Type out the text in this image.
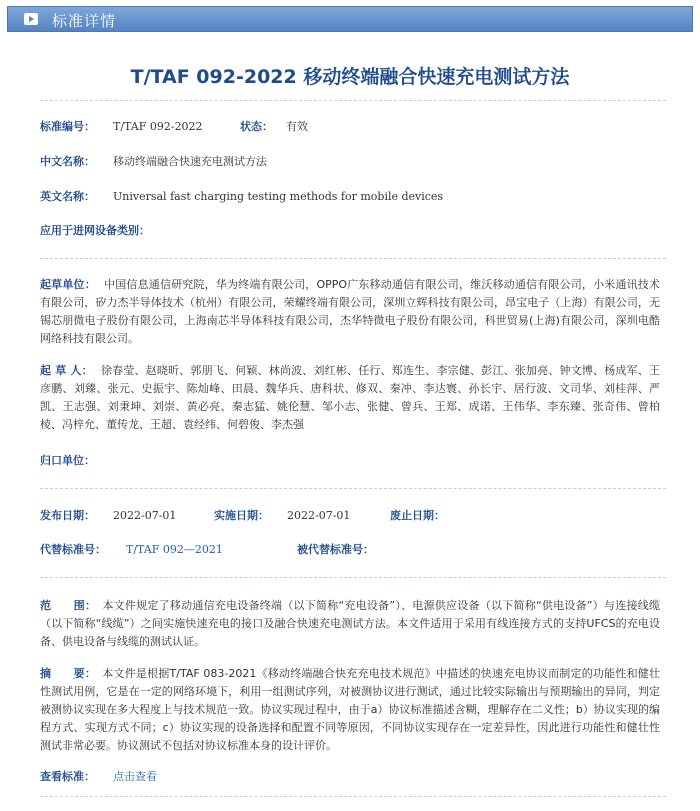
标准详情
T/TAF 092-2022 移动终端融合快速充电测试方法
标准编号： T/TAF 092-2022	状态： 有效
中文名称： 移动终端融合快速充电测试方法
英文名称： Universal fast charging testing methods for mobile devices
应用于进网设备类别：
起草单位： 中国信息通信研究院，华为终端有限公司，OPPO广东移动通信有限公司，维沃移动通信有限公司，小米通讯技术有限公司，矽力杰半导体技术（杭州）有限公司，荣耀终端有限公司，深圳立辉科技有限公司，昂宝电子（上海）有限公司，无锡芯朋微电子股份有限公司，上海南芯半导体科技有限公司，杰华特微电子股份有限公司，科世贸易(上海)有限公司，深圳电酷网络科技有限公司。
起 草 人： 徐春莹、赵晓昕、郭朋飞、何颖、林尚波、刘红彬、任行、郑连生、李宗健、彭江、张加亮、钟文博、杨成军、王彦鹏、刘臻、张元、史振宇、陈灿峰、田晨、魏华兵、唐科状、修双、秦冲、李达寰、孙长宇、居行波、文司华、刘桂萍、严凯、王志强、刘秉坤、刘崇、黄必亮、秦志猛、姚伦慧、邹小志、张健、曾兵、王郑、成诺、王伟华、李东臻、张奇伟、曾柏棱、冯梓允、董传龙、王超、袁经纬、何碧俊、李杰强
归口单位：
发布日期： 2022-07-01	实施日期： 2022-07-01	废止日期：
代替标准号： T/TAF 092—2021	被代替标准号：
范　　围： 本文件规定了移动通信充电设备终端（以下简称“充电设备”）、电源供应设备（以下简称“供电设备”）与连接线缆（以下简称“线缆”）之间实施快速充电的接口及融合快速充电测试方法。本文件适用于采用有线连接方式的支持UFCS的充电设备、供电设备与线缆的测试认证。
摘　　要： 本文件是根据T/TAF 083-2021《移动终端融合快充充电技术规范》中描述的快速充电协议而制定的功能性和健壮性测试用例，它是在一定的网络环境下，利用一组测试序列，对被测协议进行测试，通过比较实际输出与预期输出的异同，判定被测协议实现在多大程度上与技术规范一致。协议实现过程中，由于a）协议标准描述含糊，理解存在二义性；b）协议实现的编程方式、实现方式不同；c）协议实现的设备选择和配置不同等原因，不同协议实现存在一定差异性，因此进行功能性和健壮性测试非常必要。协议测试不包括对协议标准本身的设计评价。
查看标准： 点击查看
